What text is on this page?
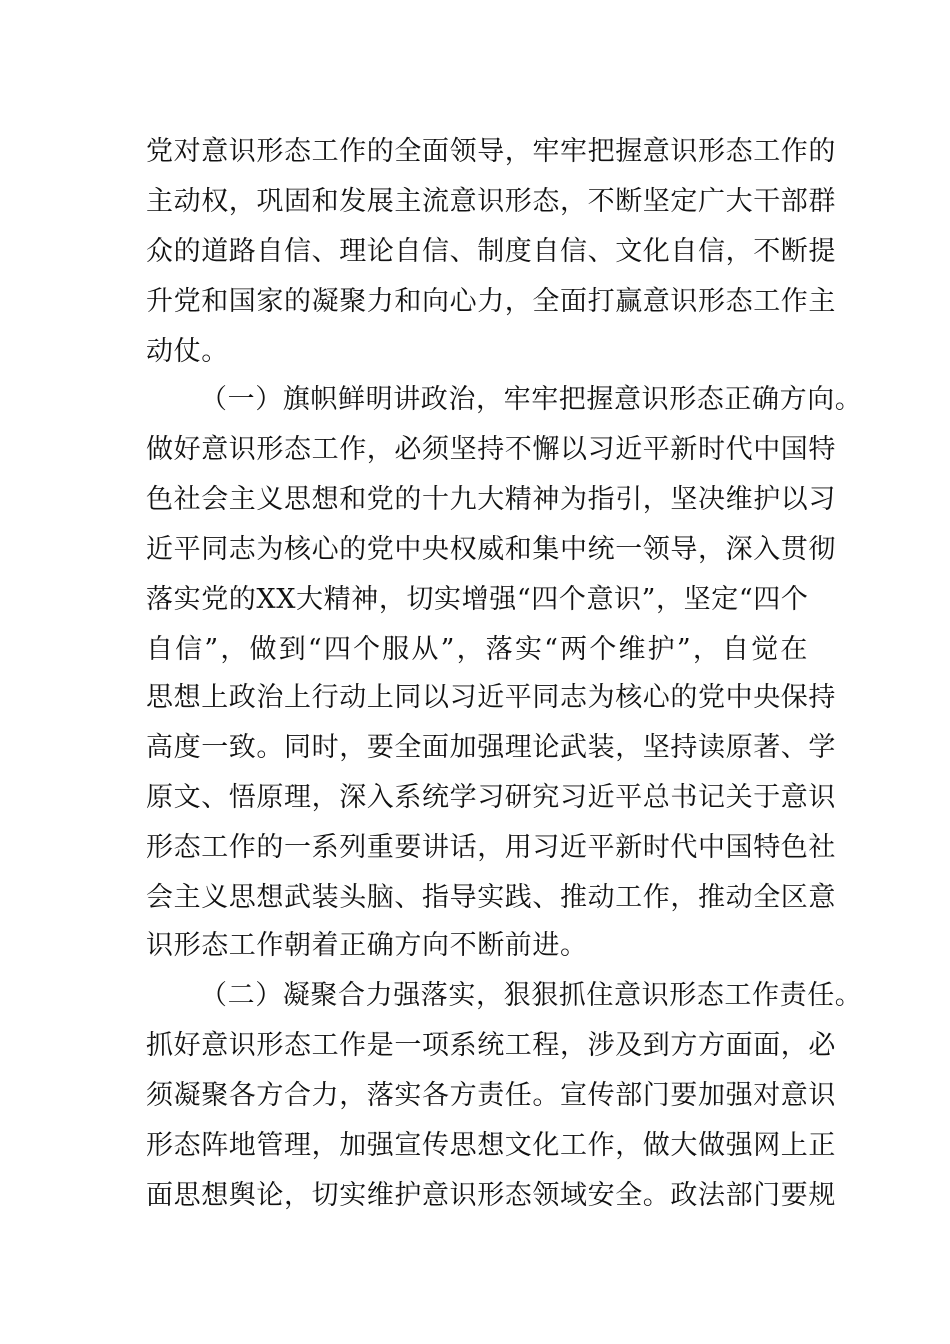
党对意识形态工作的全面领导，牢牢把握意识形态工作的
主动权，巩固和发展主流意识形态，不断坚定广大干部群
众的道路自信、理论自信、制度自信、文化自信，不断提
升党和国家的凝聚力和向心力，全面打赢意识形态工作主
动仗。
（一）旗帜鲜明讲政治，牢牢把握意识形态正确方向。
做好意识形态工作，必须坚持不懈以习近平新时代中国特
色社会主义思想和党的十九大精神为指引，坚决维护以习
近平同志为核心的党中央权威和集中统一领导，深入贯彻
落实党的XX大精神，切实增强“四个意识”，坚定“四个
自信”，做到“四个服从”，落实“两个维护”，自觉在
思想上政治上行动上同以习近平同志为核心的党中央保持
高度一致。同时，要全面加强理论武装，坚持读原著、学
原文、悟原理，深入系统学习研究习近平总书记关于意识
形态工作的一系列重要讲话，用习近平新时代中国特色社
会主义思想武装头脑、指导实践、推动工作，推动全区意
识形态工作朝着正确方向不断前进。
（二）凝聚合力强落实，狠狠抓住意识形态工作责任。
抓好意识形态工作是一项系统工程，涉及到方方面面，必
须凝聚各方合力，落实各方责任。宣传部门要加强对意识
形态阵地管理，加强宣传思想文化工作，做大做强网上正
面思想舆论，切实维护意识形态领域安全。政法部门要规
